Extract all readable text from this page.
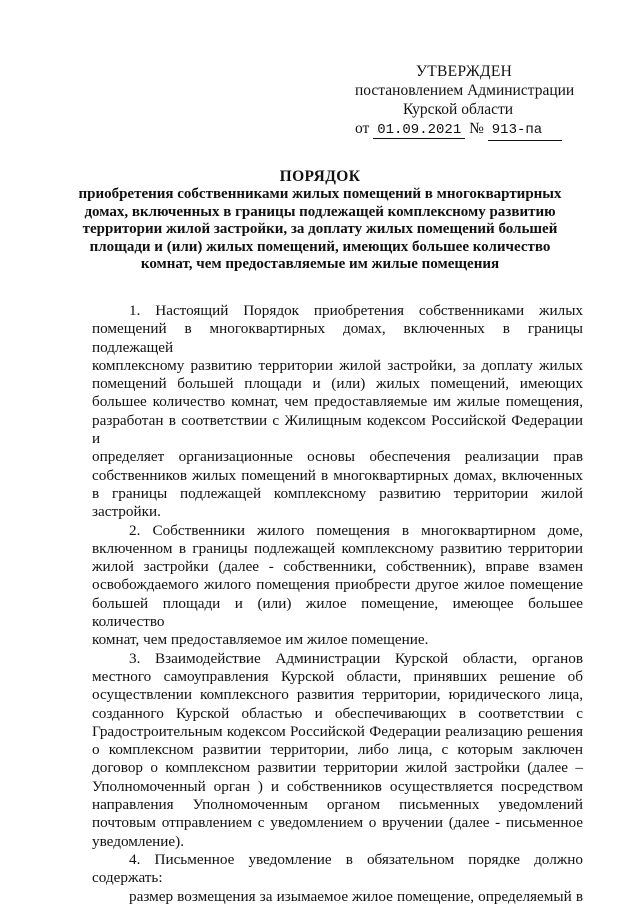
УТВЕРЖДЕН
постановлением Администрации
Курской области
от 01.09.2021 № 913-па
ПОРЯДОК
приобретения собственниками жилых помещений в многоквартирных
домах, включенных в границы подлежащей комплексному развитию
территории жилой застройки, за доплату жилых помещений большей
площади и (или) жилых помещений, имеющих большее количество
комнат, чем предоставляемые им жилые помещения
1. Настоящий Порядок приобретения собственниками жилых
помещений в многоквартирных домах, включенных в границы подлежащей
комплексному развитию территории жилой застройки, за доплату жилых
помещений большей площади и (или) жилых помещений, имеющих
большее количество комнат, чем предоставляемые им жилые помещения,
разработан в соответствии с Жилищным кодексом Российской Федерации и
определяет организационные основы обеспечения реализации прав
собственников жилых помещений в многоквартирных домах, включенных
в границы подлежащей комплексному развитию территории жилой
застройки.
2. Собственники жилого помещения в многоквартирном доме,
включенном в границы подлежащей комплексному развитию территории
жилой застройки (далее - собственники, собственник), вправе взамен
освобождаемого жилого помещения приобрести другое жилое помещение
большей площади и (или) жилое помещение, имеющее большее количество
комнат, чем предоставляемое им жилое помещение.
3. Взаимодействие Администрации Курской области, органов
местного самоуправления Курской области, принявших решение об
осуществлении комплексного развития территории, юридического лица,
созданного Курской областью и обеспечивающих в соответствии с
Градостроительным кодексом Российской Федерации реализацию решения
о комплексном развитии территории, либо лица, с которым заключен
договор о комплексном развитии территории жилой застройки (далее –
Уполномоченный орган ) и собственников осуществляется посредством
направления Уполномоченным органом письменных уведомлений
почтовым отправлением с уведомлением о вручении (далее - письменное
уведомление).
4. Письменное уведомление в обязательном порядке должно
содержать:
размер возмещения за изымаемое жилое помещение, определяемый в
